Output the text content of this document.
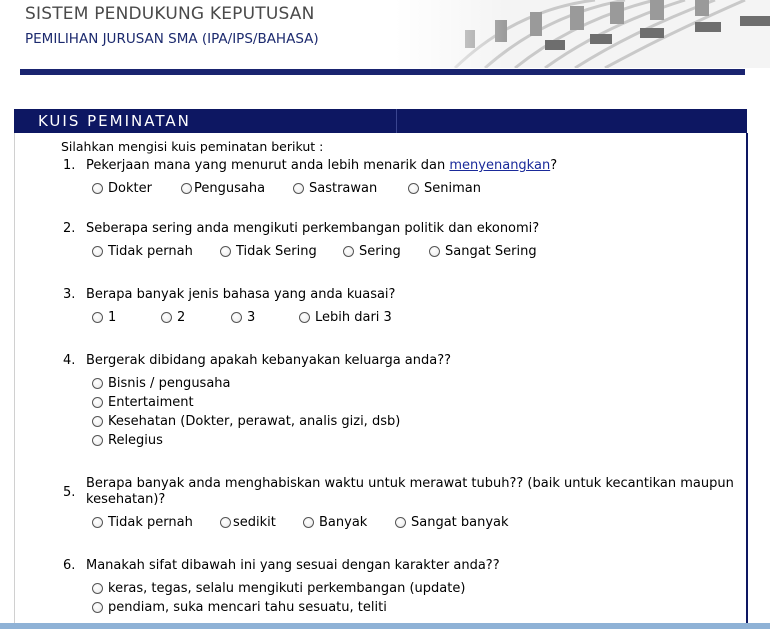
SISTEM PENDUKUNG KEPUTUSAN
PEMILIHAN JURUSAN SMA (IPA/IPS/BAHASA)
KUIS PEMINATAN
Silahkan mengisi kuis peminatan berikut :
1. Pekerjaan mana yang menurut anda lebih menarik dan menyenangkan?
Dokter	Pengusaha	Sastrawan	Seniman
2. Seberapa sering anda mengikuti perkembangan politik dan ekonomi?
Tidak pernah	Tidak Sering	Sering	Sangat Sering
3. Berapa banyak jenis bahasa yang anda kuasai?
1	2	3	Lebih dari 3
4. Bergerak dibidang apakah kebanyakan keluarga anda??
Bisnis / pengusaha
Entertaiment
Kesehatan (Dokter, perawat, analis gizi, dsb)
Relegius
5.
Berapa banyak anda menghabiskan waktu untuk merawat tubuh?? (baik untuk kecantikan maupun
kesehatan)?
Tidak pernah	sedikit	Banyak	Sangat banyak
6. Manakah sifat dibawah ini yang sesuai dengan karakter anda??
keras, tegas, selalu mengikuti perkembangan (update)
pendiam, suka mencari tahu sesuatu, teliti
